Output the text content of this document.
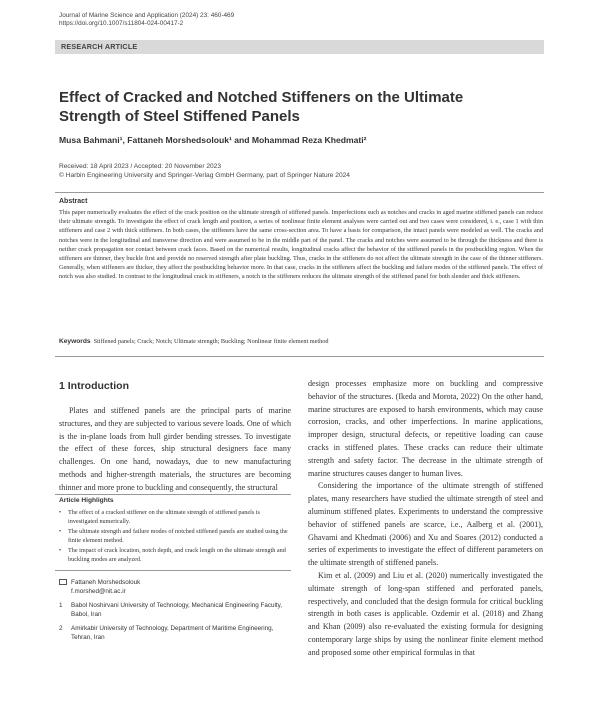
Journal of Marine Science and Application (2024) 23: 460-469
https://doi.org/10.1007/s11804-024-00417-2
RESEARCH ARTICLE
Effect of Cracked and Notched Stiffeners on the Ultimate Strength of Steel Stiffened Panels
Musa Bahmani¹, Fattaneh Morshedsolouk¹ and Mohammad Reza Khedmati²
Received: 18 April 2023 / Accepted: 20 November 2023
© Harbin Engineering University and Springer-Verlag GmbH Germany, part of Springer Nature 2024
Abstract
This paper numerically evaluates the effect of the crack position on the ultimate strength of stiffened panels. Imperfections such as notches and cracks in aged marine stiffened panels can reduce their ultimate strength. To investigate the effect of crack length and position, a series of nonlinear finite element analyses were carried out and two cases were considered, i. e., case 1 with thin stiffeners and case 2 with thick stiffeners. In both cases, the stiffeners have the same cross-section area. To have a basis for comparison, the intact panels were modeled as well. The cracks and notches were in the longitudinal and transverse direction and were assumed to be in the middle part of the panel. The cracks and notches were assumed to be through the thickness and there is neither crack propagation nor contact between crack faces. Based on the numerical results, longitudinal cracks affect the behavior of the stiffened panels in the postbuckling region. When the stiffeners are thinner, they buckle first and provide no reserved strength after plate buckling. Thus, cracks in the stiffeners do not affect the ultimate strength in the case of the thinner stiffeners. Generally, when stiffeners are thicker, they affect the postbuckling behavior more. In that case, cracks in the stiffeners affect the buckling and failure modes of the stiffened panels. The effect of notch was also studied. In contrast to the longitudinal crack in stiffeners, a notch in the stiffeners reduces the ultimate strength of the stiffened panel for both slender and thick stiffeners.
Keywords Stiffened panels; Crack; Notch; Ultimate strength; Buckling; Nonlinear finite element method
1 Introduction

Plates and stiffened panels are the principal parts of marine structures, and they are subjected to various severe loads. One of which is the in-plane loads from hull girder bending stresses. To investigate the effect of these forces, ship structural designers face many challenges. On one hand, nowadays, due to new manufacturing methods and higher-strength materials, the structures are becoming thinner and more prone to buckling and consequently, the structural

Article Highlights
•	The effect of a cracked stiffener on the ultimate strength of stiffened panels is investigated numerically.
•	The ultimate strength and failure modes of notched stiffened panels are studied using the finite element method.
•	The impact of crack location, notch depth, and crack length on the ultimate strength and buckling modes are analyzed.
Fattaneh Morshedsolouk
f.morshed@nit.ac.ir
1	Babol Noshirvani University of Technology, Mechanical Engineering Faculty, Babol, Iran
2	Amirkabir University of Technology, Department of Maritime Engineering, Tehran, Iran

design processes emphasize more on buckling and compressive behavior of the structures. (Ikeda and Morota, 2022) On the other hand, marine structures are exposed to harsh environments, which may cause corrosion, cracks, and other imperfections. In marine applications, improper design, structural defects, or repetitive loading can cause cracks in stiffened plates. These cracks can reduce their ultimate strength and safety factor. The decrease in the ultimate strength of marine structures causes danger to human lives.

Considering the importance of the ultimate strength of stiffened plates, many researchers have studied the ultimate strength of steel and aluminum stiffened plates. Experiments to understand the compressive behavior of stiffened panels are scarce, i.e., Aalberg et al. (2001), Ghavami and Khedmati (2006) and Xu and Soares (2012) conducted a series of experiments to investigate the effect of different parameters on the ultimate strength of stiffened panels.

Kim et al. (2009) and Liu et al. (2020) numerically investigated the ultimate strength of long-span stiffened and perforated panels, respectively, and concluded that the design formula for critical buckling strength in both cases is applicable. Ozdemir et al. (2018) and Zhang and Khan (2009) also re-evaluated the existing formula for designing contemporary large ships by using the nonlinear finite element method and proposed some other empirical formulas in that
